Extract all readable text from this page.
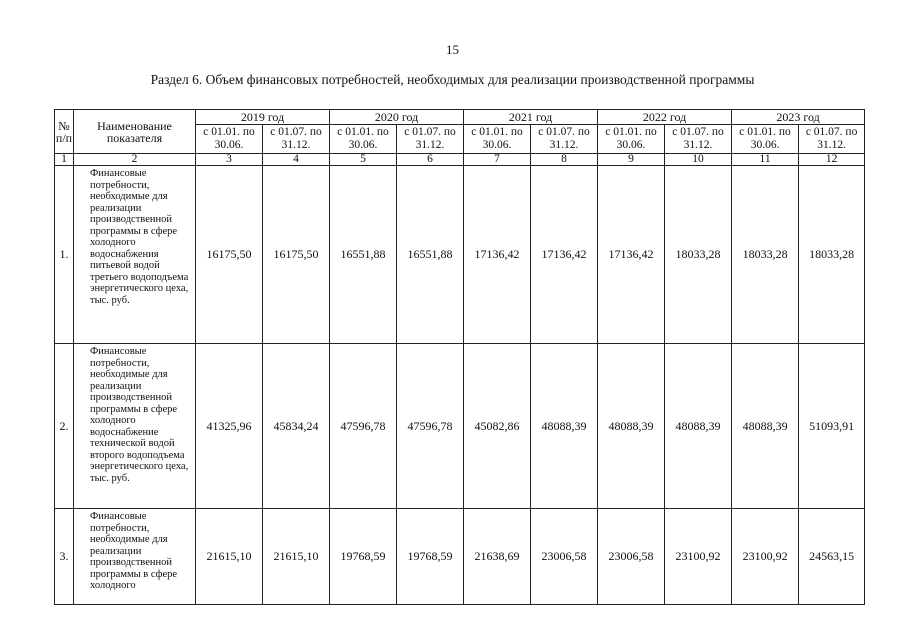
15
Раздел 6. Объем финансовых потребностей, необходимых для реализации производственной программы
№ п/п	Наименование показателя	2019 год		2020 год		2021 год		2022 год		2023 год	
		с 01.01. по 30.06.	с 01.07. по 31.12.	с 01.01. по 30.06.	с 01.07. по 31.12.	с 01.01. по 30.06.	с 01.07. по 31.12.	с 01.01. по 30.06.	с 01.07. по 31.12.	с 01.01. по 30.06.	с 01.07. по 31.12.
1	2	3	4	5	6	7	8	9	10	11	12
1.	Финансовые потребности, необходимые для реализации производственной программы в сфере холодного водоснабжения питьевой водой третьего водоподъема энергетического цеха, тыс. руб.	16175,50	16175,50	16551,88	16551,88	17136,42	17136,42	17136,42	18033,28	18033,28	18033,28
2.	Финансовые потребности, необходимые для реализации производственной программы в сфере холодного водоснабжение технической водой второго водоподъема энергетического цеха, тыс. руб.	41325,96	45834,24	47596,78	47596,78	45082,86	48088,39	48088,39	48088,39	48088,39	51093,91
3.	Финансовые потребности, необходимые для реализации производственной программы в сфере холодного	21615,10	21615,10	19768,59	19768,59	21638,69	23006,58	23006,58	23100,92	23100,92	24563,15
